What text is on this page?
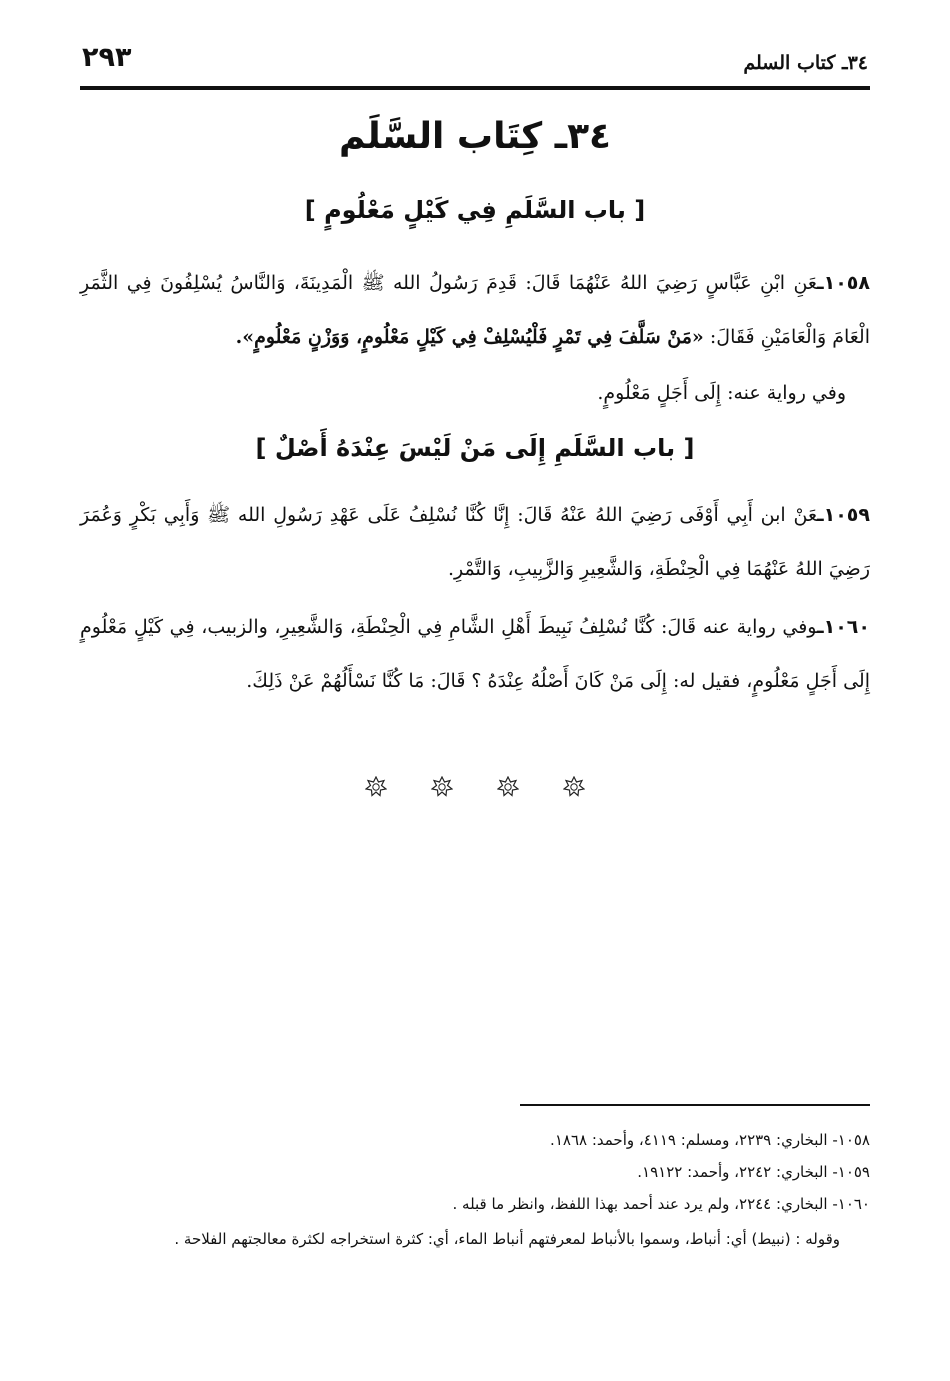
٣٤ـ كتاب السلم
٢٩٣
٣٤ـ كِتَاب السَّلَم
[ باب السَّلَمِ فِي كَيْلٍ مَعْلُومٍ ]
١٠٥٨ـعَنِ ابْنِ عَبَّاسٍ رَضِيَ اللهُ عَنْهُمَا قَالَ: قَدِمَ رَسُولُ الله ﷺ الْمَدِينَةَ، وَالنَّاسُ يُسْلِفُونَ فِي الثَّمَرِ الْعَامَ وَالْعَامَيْنِ فَقَالَ: «مَنْ سَلَّفَ فِي تَمْرٍ فَلْيُسْلِفْ فِي كَيْلٍ مَعْلُومٍ، وَوَزْنٍ مَعْلُومٍ».
وفي رواية عنه: إِلَى أَجَلٍ مَعْلُومٍ.
[ باب السَّلَمِ إِلَى مَنْ لَيْسَ عِنْدَهُ أَصْلٌ ]
١٠٥٩ـعَنْ ابن أَبِي أَوْفَى رَضِيَ اللهُ عَنْهُ قَالَ: إِنَّا كُنَّا نُسْلِفُ عَلَى عَهْدِ رَسُولِ الله ﷺ وَأَبِي بَكْرٍ وَعُمَرَ رَضِيَ اللهُ عَنْهُمَا فِي الْحِنْطَةِ، وَالشَّعِيرِ وَالزَّبِيبِ، وَالتَّمْرِ.
١٠٦٠ـوفي رواية عنه قَالَ: كُنَّا نُسْلِفُ نَبِيطَ أَهْلِ الشَّامِ فِي الْحِنْطَةِ، وَالشَّعِيرِ، والزبيب، فِي كَيْلٍ مَعْلُومٍ إِلَى أَجَلٍ مَعْلُومٍ، فقيل له: إِلَى مَنْ كَانَ أَصْلُهُ عِنْدَهُ ؟ قَالَ: مَا كُنَّا نَسْأَلُهُمْ عَنْ ذَلِكَ.

١٠٥٨- البخاري: ٢٢٣٩، ومسلم: ٤١١٩، وأحمد: ١٨٦٨.

١٠٥٩- البخاري: ٢٢٤٢، وأحمد: ١٩١٢٢.

١٠٦٠- البخاري: ٢٢٤٤، ولم يرد عند أحمد بهذا اللفظ، وانظر ما قبله .

وقوله : (نبيط) أي: أنباط، وسموا بالأنباط لمعرفتهم أنباط الماء، أي: كثرة استخراجه لكثرة معالجتهم الفلاحة .
